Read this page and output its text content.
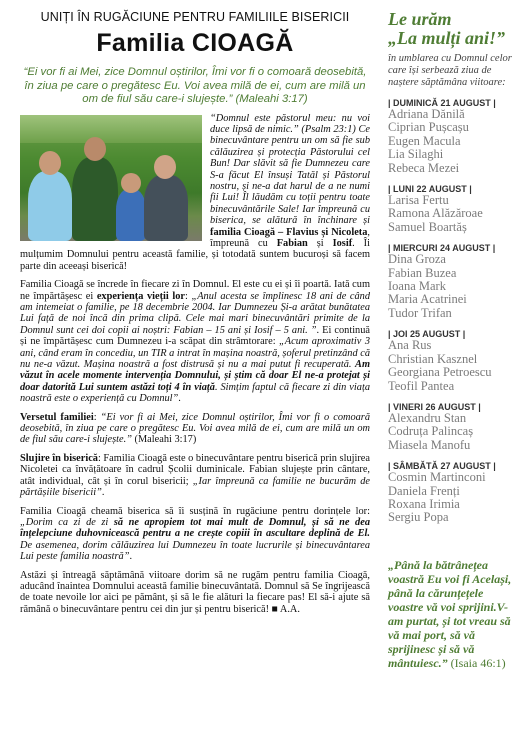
UNIȚI ÎN RUGĂCIUNE PENTRU FAMILIILE BISERICII
Familia CIOAGĂ
“Ei vor fi ai Mei, zice Domnul oștirilor, Îmi vor fi o comoară deosebită, în ziua pe care o pregătesc Eu. Voi avea milă de ei, cum are milă un om de fiul său care-i slujește.” (Maleahi 3:17)

“Domnul este păstorul meu: nu voi duce lipsă de nimic.” (Psalm 23:1) Ce binecuvântare pentru un om să fie sub călăuzirea și protecția Păstorului cel Bun! Dar slăvit să fie Dumnezeu care S-a făcut El însuși Tatăl și Păstorul nostru, și ne-a dat harul de a ne numi fii Lui! Îl lăudăm cu toții pentru toate binecuvântările Sale! Iar împreună cu biserica, se alătură în închinare și familia Cioagă – Flavius și Nicoleta, împreună cu Fabian și Iosif. Îi mulțumim Domnului pentru această familie, și totodată suntem bucuroși să facem parte din aceeași biserică!

Familia Cioagă se încrede în fiecare zi în Domnul. El este cu ei și îi poartă. Iată cum ne împărtășesc ei experiența vieții lor: „Anul acesta se împlinesc 18 ani de când am intemeiat o familie, pe 18 decembrie 2004. Iar Dumnezeu Și-a arătat bunătatea Lui față de noi încă din prima clipă. Cele mai mari binecuvântări primite de la Domnul sunt cei doi copii ai noștri: Fabian – 15 ani și Iosif – 5 ani. ”. Ei continuă și ne împărtășesc cum Dumnezeu i-a scăpat din strâmtorare: „Acum aproximativ 3 ani, când eram în concediu, un TIR a intrat în mașina noastră, șoferul pretinzând că nu ne-a văzut. Mașina noastră a fost distrusă și nu a mai putut fi recuperată. Am văzut în acele momente intervenția Domnului, și știm că doar El ne-a protejat și doar datorită Lui suntem astăzi toți 4 în viață. Simțim faptul că fiecare zi din viața noastră este o experiență cu Domnul”.

Versetul familiei: “Ei vor fi ai Mei, zice Domnul oștirilor, Îmi vor fi o comoară deosebită, în ziua pe care o pregătesc Eu. Voi avea milă de ei, cum are milă un om de fiul său care-i slujește.” (Maleahi 3:17)

Slujire în biserică: Familia Cioagă este o binecuvântare pentru biserică prin slujirea Nicoletei ca învățătoare în cadrul Școlii duminicale. Fabian slujește prin cântare, atât individual, cât și în corul bisericii; „Iar împreună ca familie ne bucurăm de părtășiile bisericii”.

Familia Cioagă cheamă biserica să îi susțină în rugăciune pentru dorințele lor: „Dorim ca zi de zi să ne apropiem tot mai mult de Domnul, și să ne dea înțelepciune duhovnicească pentru a ne crește copiii în ascultare deplină de El. De asemenea, dorim călăuzirea lui Dumnezeu în toate lucrurile și binecuvântarea Lui peste familia noastră”.

Astăzi și întreagă săptămână viitoare dorim să ne rugăm pentru familia Cioagă, aducând înaintea Domnului această familie binecuvântată. Domnul să Se îngrijească de toate nevoile lor aici pe pământ, și să le fie alături la fiecare pas! El să-i ajute să rămână o binecuvântare pentru cei din jur și pentru biserică! ■ A.A.

Le urăm
„La mulți ani!”
în umblarea cu Domnul celor care își serbează ziua de naștere săptămâna viitoare:
| DUMINICĂ 21 AUGUST |
Adriana Dănilă
Ciprian Pușcașu
Eugen Macula
Lia Silaghi
Rebeca Mezei
| LUNI 22 AUGUST |
Larisa Fertu
Ramona Alăzăroae
Samuel Boartăș
| MIERCURI 24 AUGUST |
Dina Groza
Fabian Buzea
Ioana Mark
Maria Acatrinei
Tudor Trifan
| JOI 25 AUGUST |
Ana Rus
Christian Kasznel
Georgiana Petroescu
Teofil Pantea
| VINERI 26 AUGUST |
Alexandru Stan
Codruța Palincaș
Miasela Manofu
| SÂMBĂTĂ 27 AUGUST |
Cosmin Martinconi
Daniela Frenți
Roxana Irimia
Sergiu Popa
„Până la bătrânețea voastră Eu voi fi Același, până la cărunțețele voastre vă voi sprijini.V-am purtat, și tot vreau să vă mai port, să vă sprijinesc și să vă mântuiesc.” (Isaia 46:1)
